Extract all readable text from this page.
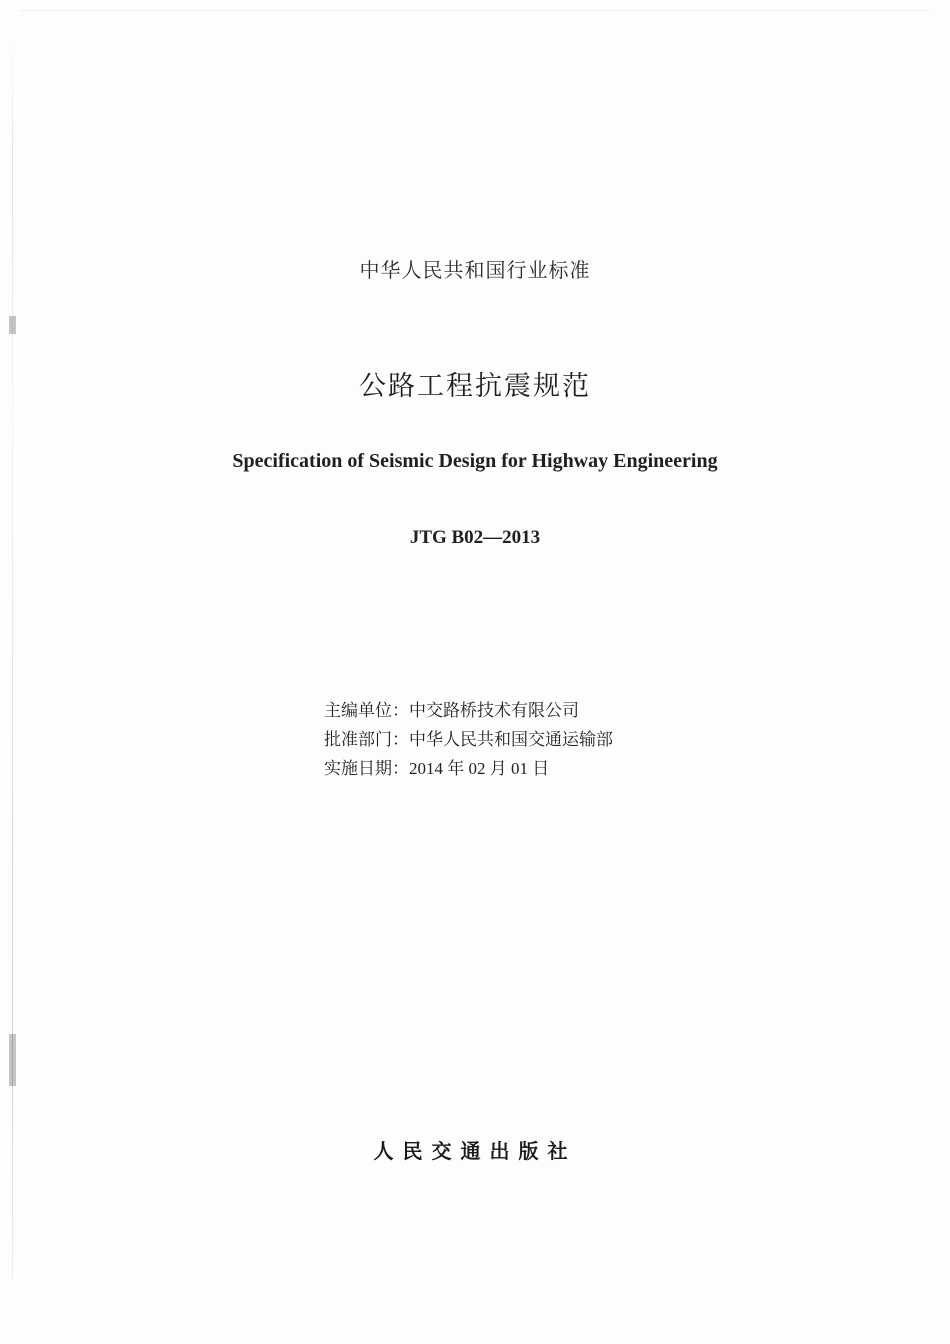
中华人民共和国行业标准
公路工程抗震规范
Specification of Seismic Design for Highway Engineering
JTG B02—2013
主编单位：中交路桥技术有限公司
批准部门：中华人民共和国交通运输部
实施日期：2014 年 02 月 01 日
人民交通出版社
